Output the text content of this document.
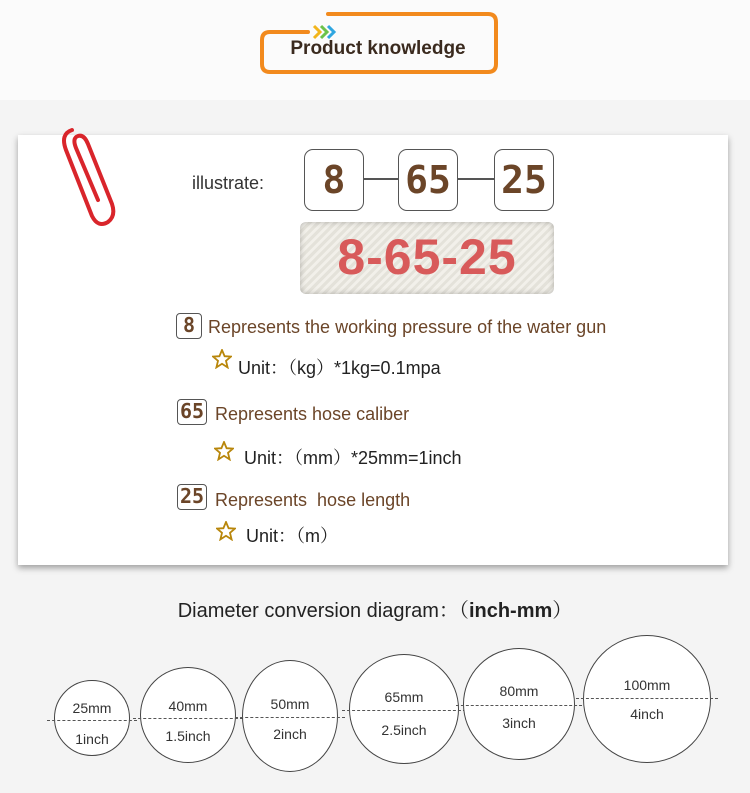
Product knowledge
illustrate:	8	65 25
8-65-25
8 Represents the working pressure of the water gun
Unit：（kg）*1kg=0.1mpa
65 Represents hose caliber
Unit：（mm）*25mm=1inch
25 Represents  hose length
Unit：（m）
Diameter conversion diagram：（inch-mm）
25mm
1inch
40mm
1.5inch
50mm
2inch
65mm
2.5inch
80mm
3inch
100mm
4inch
